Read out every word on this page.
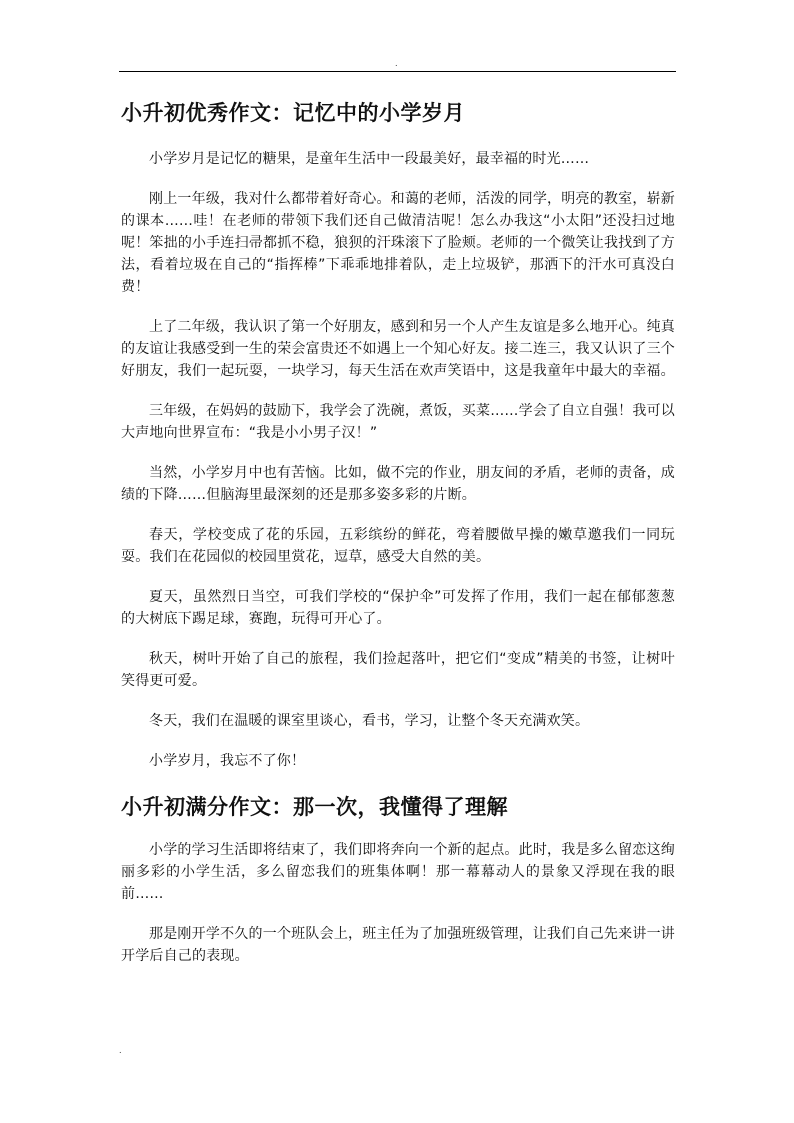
.
小升初优秀作文：记忆中的小学岁月

小学岁月是记忆的糖果，是童年生活中一段最美好，最幸福的时光……

刚上一年级，我对什么都带着好奇心。和蔼的老师，活泼的同学，明亮的教室，崭新的课本……哇！在老师的带领下我们还自己做清洁呢！怎么办我这“小太阳”还没扫过地呢！笨拙的小手连扫帚都抓不稳，狼狈的汗珠滚下了脸颊。老师的一个微笑让我找到了方法，看着垃圾在自己的“指挥棒”下乖乖地排着队，走上垃圾铲，那洒下的汗水可真没白费！

上了二年级，我认识了第一个好朋友，感到和另一个人产生友谊是多么地开心。纯真的友谊让我感受到一生的荣会富贵还不如遇上一个知心好友。接二连三，我又认识了三个好朋友，我们一起玩耍，一块学习，每天生活在欢声笑语中，这是我童年中最大的幸福。

三年级，在妈妈的鼓励下，我学会了洗碗，煮饭，买菜……学会了自立自强！我可以大声地向世界宣布：“我是小小男子汉！”

当然，小学岁月中也有苦恼。比如，做不完的作业，朋友间的矛盾，老师的责备，成绩的下降……但脑海里最深刻的还是那多姿多彩的片断。

春天，学校变成了花的乐园，五彩缤纷的鲜花，弯着腰做早操的嫩草邀我们一同玩耍。我们在花园似的校园里赏花，逗草，感受大自然的美。

夏天，虽然烈日当空，可我们学校的“保护伞”可发挥了作用，我们一起在郁郁葱葱的大树底下踢足球，赛跑，玩得可开心了。

秋天，树叶开始了自己的旅程，我们捡起落叶，把它们“变成”精美的书签，让树叶笑得更可爱。

冬天，我们在温暖的课室里谈心，看书，学习，让整个冬天充满欢笑。

小学岁月，我忘不了你！

小升初满分作文：那一次，我懂得了理解

小学的学习生活即将结束了，我们即将奔向一个新的起点。此时，我是多么留恋这绚丽多彩的小学生活，多么留恋我们的班集体啊！那一幕幕动人的景象又浮现在我的眼前……

那是刚开学不久的一个班队会上，班主任为了加强班级管理，让我们自己先来讲一讲开学后自己的表现。

.
